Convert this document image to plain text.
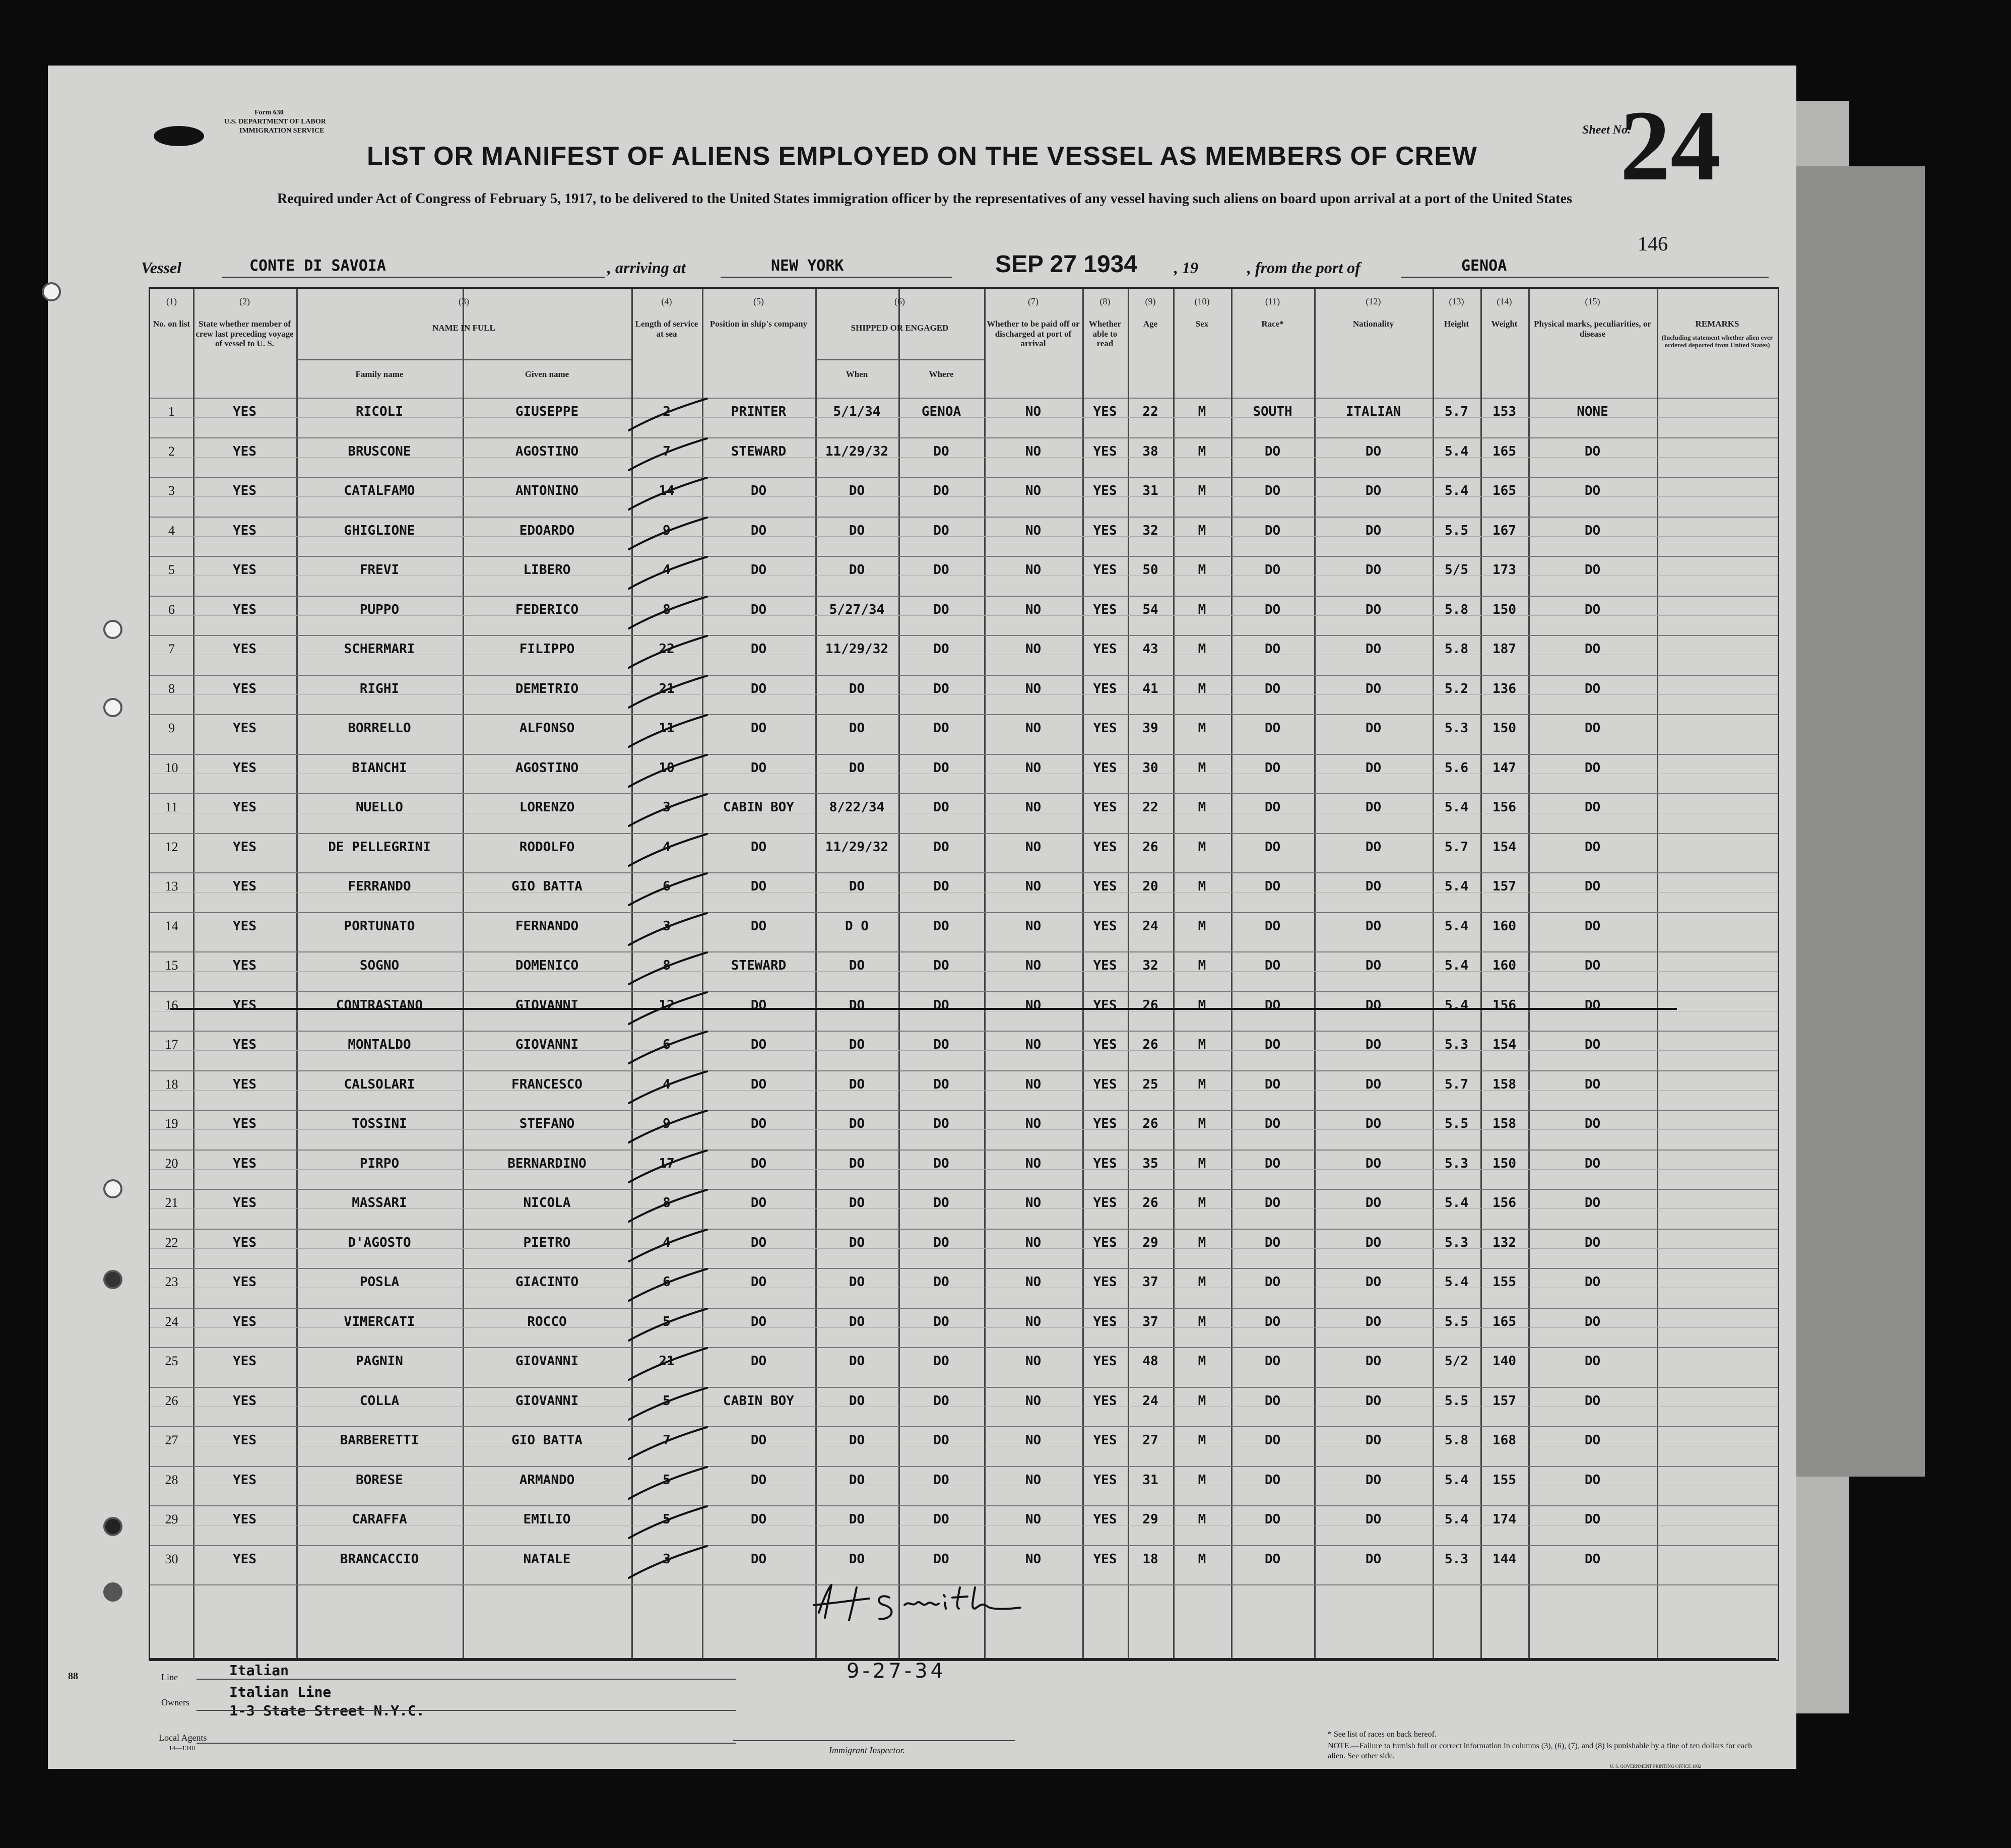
Form 630
U.S. DEPARTMENT OF LABOR
IMMIGRATION SERVICE
LIST OR MANIFEST OF ALIENS EMPLOYED ON THE VESSEL AS MEMBERS OF CREW
Sheet No.
24
Required under Act of Congress of February 5, 1917, to be delivered to the United States immigration officer by the representatives of any vessel having such aliens on board upon arrival at a port of the United States
146
Vessel	CONTE DI SAVOIA	, arriving at	NEW YORK	SEP 27 1934 , 19	, from the port of	GENOA
(1)
No. on list
(2)
State whether member of crew last preceding voyage of vessel to U. S.
(3)
NAME IN FULL
(4)
Length of service at sea
(5)
Position in ship's company
(6)
SHIPPED OR ENGAGED
(7)
Whether to be paid off or discharged at port of arrival
(8)
Whether able to read
(9)
Age
(10)
Sex
(11)
Race*
(12)
Nationality
(13)
Height
(14)
Weight
(15)
Physical marks, peculiarities, or disease
REMARKS
Family name	Given name	When	Where
(Including statement whether alien ever ordered deported from United States)
1	YES	RICOLI	GIUSEPPE	2	PRINTER	5/1/34	GENOA	NO	YES	22	M	SOUTH	ITALIAN	5.7	153	NONE
2	YES	BRUSCONE	AGOSTINO	7	STEWARD	11/29/32	DO	NO	YES	38	M	DO	DO	5.4	165	DO
3	YES	CATALFAMO	ANTONINO	14	DO	DO	DO	NO	YES	31	M	DO	DO	5.4	165	DO
4	YES	GHIGLIONE	EDOARDO	9	DO	DO	DO	NO	YES	32	M	DO	DO	5.5	167	DO
5	YES	FREVI	LIBERO	4	DO	DO	DO	NO	YES	50	M	DO	DO	5/5	173	DO
6	YES	PUPPO	FEDERICO	8	DO	5/27/34	DO	NO	YES	54	M	DO	DO	5.8	150	DO
7	YES	SCHERMARI	FILIPPO	22	DO	11/29/32	DO	NO	YES	43	M	DO	DO	5.8	187	DO
8	YES	RIGHI	DEMETRIO	21	DO	DO	DO	NO	YES	41	M	DO	DO	5.2	136	DO
9	YES	BORRELLO	ALFONSO	11	DO	DO	DO	NO	YES	39	M	DO	DO	5.3	150	DO
10	YES	BIANCHI	AGOSTINO	10	DO	DO	DO	NO	YES	30	M	DO	DO	5.6	147	DO
11	YES	NUELLO	LORENZO	3	CABIN BOY	8/22/34	DO	NO	YES	22	M	DO	DO	5.4	156	DO
12	YES	DE PELLEGRINI	RODOLFO	4	DO	11/29/32	DO	NO	YES	26	M	DO	DO	5.7	154	DO
13	YES	FERRANDO	GIO BATTA	6	DO	DO	DO	NO	YES	20	M	DO	DO	5.4	157	DO
14	YES	PORTUNATO	FERNANDO	3	DO	D O	DO	NO	YES	24	M	DO	DO	5.4	160	DO
15	YES	SOGNO	DOMENICO	8	STEWARD	DO	DO	NO	YES	32	M	DO	DO	5.4	160	DO
16	YES	CONTRASTANO	GIOVANNI	12	DO	DO	DO	NO	YES	26	M	DO	DO	5.4	156	DO
17	YES	MONTALDO	GIOVANNI	6	DO	DO	DO	NO	YES	26	M	DO	DO	5.3	154	DO
18	YES	CALSOLARI	FRANCESCO	4	DO	DO	DO	NO	YES	25	M	DO	DO	5.7	158	DO
19	YES	TOSSINI	STEFANO	9	DO	DO	DO	NO	YES	26	M	DO	DO	5.5	158	DO
20	YES	PIRPO	BERNARDINO	17	DO	DO	DO	NO	YES	35	M	DO	DO	5.3	150	DO
21	YES	MASSARI	NICOLA	8	DO	DO	DO	NO	YES	26	M	DO	DO	5.4	156	DO
22	YES	D'AGOSTO	PIETRO	4	DO	DO	DO	NO	YES	29	M	DO	DO	5.3	132	DO
23	YES	POSLA	GIACINTO	6	DO	DO	DO	NO	YES	37	M	DO	DO	5.4	155	DO
24	YES	VIMERCATI	ROCCO	5	DO	DO	DO	NO	YES	37	M	DO	DO	5.5	165	DO
25	YES	PAGNIN	GIOVANNI	21	DO	DO	DO	NO	YES	48	M	DO	DO	5/2	140	DO
26	YES	COLLA	GIOVANNI	5	CABIN BOY	DO	DO	NO	YES	24	M	DO	DO	5.5	157	DO
27	YES	BARBERETTI	GIO BATTA	7	DO	DO	DO	NO	YES	27	M	DO	DO	5.8	168	DO
28	YES	BORESE	ARMANDO	5	DO	DO	DO	NO	YES	31	M	DO	DO	5.4	155	DO
29	YES	CARAFFA	EMILIO	5	DO	DO	DO	NO	YES	29	M	DO	DO	5.4	174	DO
30	YES	BRANCACCIO	NATALE	3	DO	DO	DO	NO	YES	18	M	DO	DO	5.3	144	DO
Line	Italian
Owners
Italian Line
1-3 State Street N.Y.C.
Local Agents
14—1340
9-27-34
Immigrant Inspector.
* See list of races on back hereof.
NOTE.—Failure to furnish full or correct information in columns (3), (6), (7), and (8) is punishable by a fine of ten dollars for each alien. See other side.
U. S. GOVERNMENT PRINTING OFFICE 1932
88
